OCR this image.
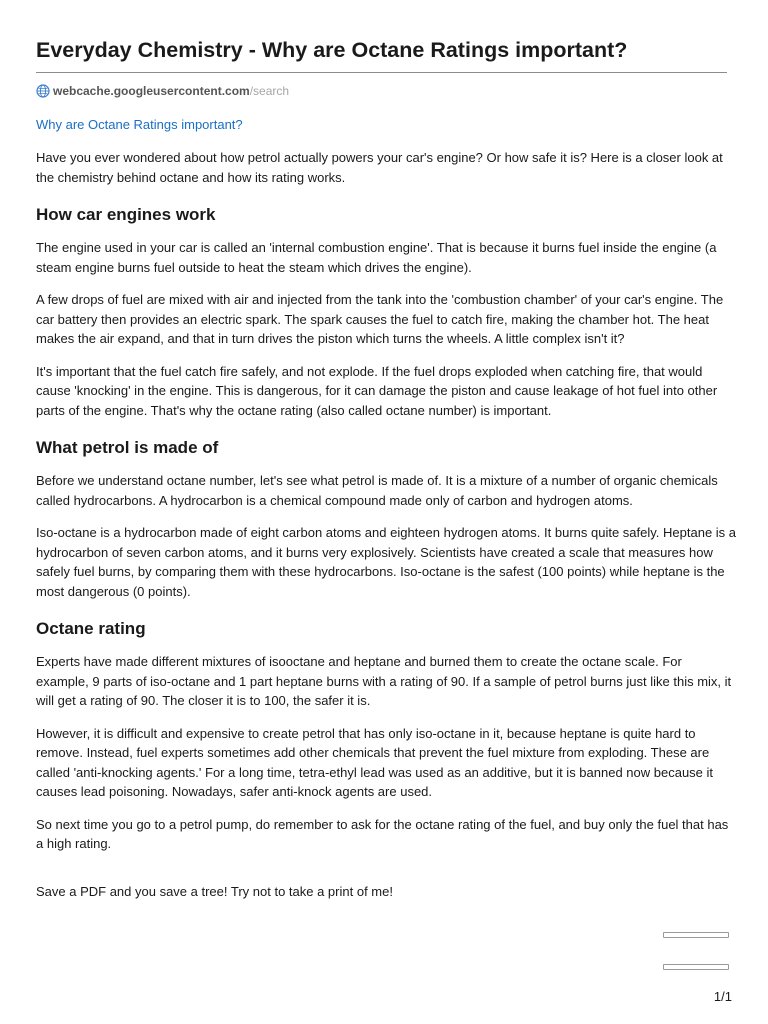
Everyday Chemistry - Why are Octane Ratings important?
webcache.googleusercontent.com /search
Why are Octane Ratings important?

Have you ever wondered about how petrol actually powers your car's engine? Or how safe it is? Here is a closer look at the chemistry behind octane and how its rating works.

How car engines work

The engine used in your car is called an 'internal combustion engine'. That is because it burns fuel inside the engine (a steam engine burns fuel outside to heat the steam which drives the engine).

A few drops of fuel are mixed with air and injected from the tank into the 'combustion chamber' of your car's engine. The car battery then provides an electric spark. The spark causes the fuel to catch fire, making the chamber hot. The heat makes the air expand, and that in turn drives the piston which turns the wheels. A little complex isn't it?

It's important that the fuel catch fire safely, and not explode. If the fuel drops exploded when catching fire, that would cause 'knocking' in the engine. This is dangerous, for it can damage the piston and cause leakage of hot fuel into other parts of the engine. That's why the octane rating (also called octane number) is important.

What petrol is made of

Before we understand octane number, let's see what petrol is made of. It is a mixture of a number of organic chemicals called hydrocarbons. A hydrocarbon is a chemical compound made only of carbon and hydrogen atoms.

Iso-octane is a hydrocarbon made of eight carbon atoms and eighteen hydrogen atoms. It burns quite safely. Heptane is a hydrocarbon of seven carbon atoms, and it burns very explosively. Scientists have created a scale that measures how safely fuel burns, by comparing them with these hydrocarbons. Iso-octane is the safest (100 points) while heptane is the most dangerous (0 points).

Octane rating

Experts have made different mixtures of isooctane and heptane and burned them to create the octane scale. For example, 9 parts of iso-octane and 1 part heptane burns with a rating of 90. If a sample of petrol burns just like this mix, it will get a rating of 90. The closer it is to 100, the safer it is.

However, it is difficult and expensive to create petrol that has only iso-octane in it, because heptane is quite hard to remove. Instead, fuel experts sometimes add other chemicals that prevent the fuel mixture from exploding. These are called 'anti-knocking agents.' For a long time, tetra-ethyl lead was used as an additive, but it is banned now because it causes lead poisoning. Nowadays, safer anti-knock agents are used.

So next time you go to a petrol pump, do remember to ask for the octane rating of the fuel, and buy only the fuel that has a high rating.

Save a PDF and you save a tree! Try not to take a print of me!

1/1
